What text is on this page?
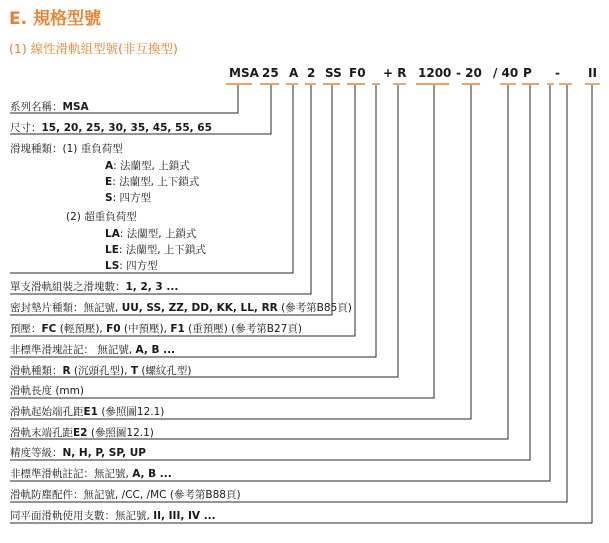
E. 規格型號
(1) 線性滑軌組型號(非互換型)
MSA 25 A 2 SS F0 + R 1200 - 20 / 40 P - II
系列名稱：MSA
尺寸：15, 20, 25, 30, 35, 45, 55, 65
滑塊種類：(1) 重負荷型
A: 法蘭型, 上鎖式
E: 法蘭型, 上下鎖式
S: 四方型
(2) 超重負荷型
LA: 法蘭型, 上鎖式
LE: 法蘭型, 上下鎖式
LS: 四方型
單支滑軌組裝之滑塊數：1, 2, 3 ...
密封墊片種類：無記號, UU, SS, ZZ, DD, KK, LL, RR (參考第B85頁)
預壓：FC (輕預壓), F0 (中預壓), F1 (重預壓) (參考第B27頁)
非標準滑塊註記： 無記號, A, B ...
滑軌種類：R (沉頭孔型), T (螺紋孔型)
滑軌長度 (mm)
滑軌起始端孔距E1 (參照圖12.1)
滑軌末端孔距E2 (參照圖12.1)
精度等級：N, H, P, SP, UP
非標準滑軌註記：無記號, A, B ...
滑軌防塵配件：無記號, /CC, /MC (參考第B88頁)
同平面滑軌使用支數：無記號, II, III, IV ...
